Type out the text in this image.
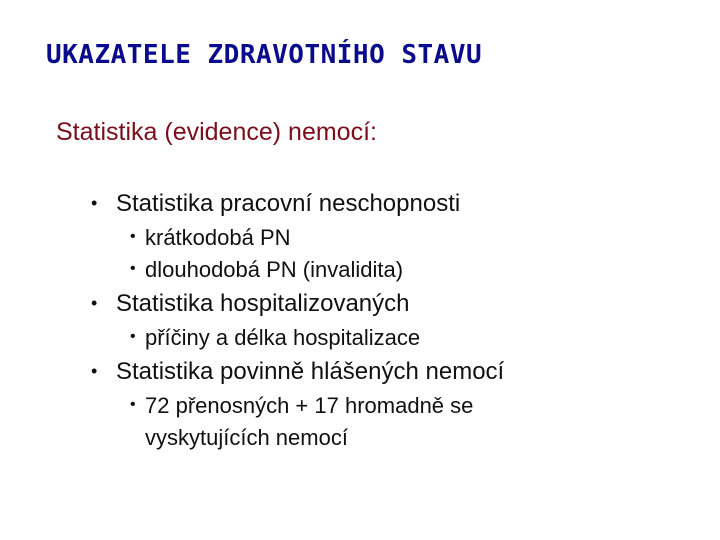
UKAZATELE ZDRAVOTNÍHO STAVU
Statistika (evidence) nemocí:
• Statistika pracovní neschopnosti
• krátkodobá PN
• dlouhodobá PN (invalidita)
• Statistika hospitalizovaných
• příčiny a délka hospitalizace
• Statistika povinně hlášených nemocí
• 72 přenosných + 17 hromadně se
vyskytujících nemocí
